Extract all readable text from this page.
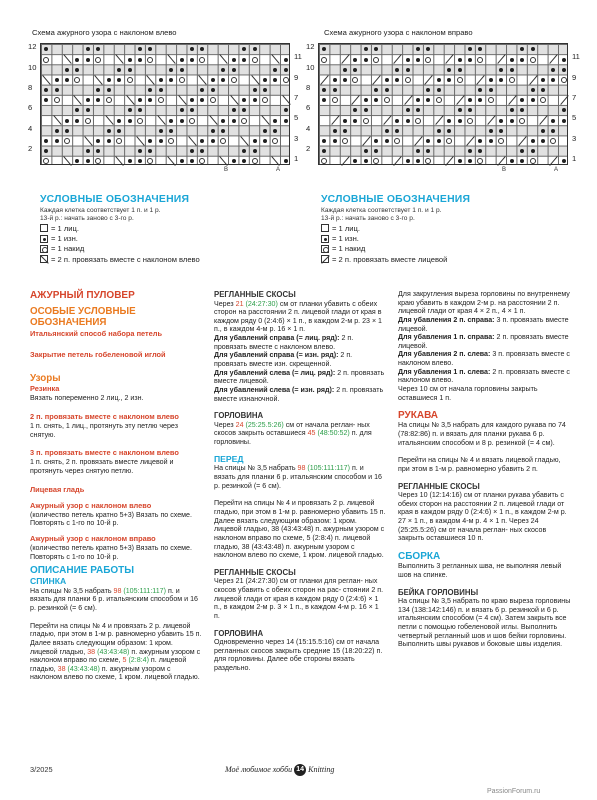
Схема ажурного узора с наклоном влево
12
10
8
6
4
2
11
9
7
5
3
1
B	A
Схема ажурного узора с наклоном вправо
12
10
8
6
4
2
11
9
7
5
3
1
B	A
УСЛОВНЫЕ ОБОЗНАЧЕНИЯ
Каждая клетка соответствует 1 п. и 1 р.
13-й р.: начать заново с 3-го р.
= 1 лиц.
= 1 изн.
= 1 накид
= 2 п. провязать вместе с наклоном влево
УСЛОВНЫЕ ОБОЗНАЧЕНИЯ
Каждая клетка соответствует 1 п. и 1 р.
13-й р.: начать заново с 3-го р.
= 1 лиц.
= 1 изн.
= 1 накид
= 2 п. провязать вместе лицевой
АЖУРНЫЙ ПУЛОВЕР
ОСОБЫЕ УСЛОВНЫЕ ОБОЗНАЧЕНИЯ
Итальянский способ набора петель
Закрытие петель гобеленовой иглой
Узоры
Резинка
Вязать попеременно 2 лиц., 2 изн.
2 п. провязать вместе с наклоном влево
1 п. снять, 1 лиц., протянуть эту петлю через снятую.
3 п. провязать вместе с наклоном влево
1 п. снять, 2 п. провязать вместе лицевой и протянуть через снятую петлю.
Лицевая гладь
Ажурный узор с наклоном влево
(количество петель кратно 5+3) Вязать по схеме. Повторять с 1-го по 10-й р.
Ажурный узор с наклоном вправо
(количество петель кратно 5+3) Вязать по схеме. Повторять с 1-го по 10-й р.
ОПИСАНИЕ РАБОТЫ
СПИНКА
На спицы № 3,5 набрать 98 (105:111:117) п. и вязать для планки 6 р. итальянским способом и 16 р. резинкой (= 6 см).
Перейти на спицы № 4 и провязать 2 р. лицевой гладью, при этом в 1-м р. равномерно убавить 15 п. Далее вязать следующим образом: 1 кром. лицевой гладью, 38 (43:43:48) п. ажурным узором с наклоном вправо по схеме, 5 (2:8:4) п. лицевой гладью, 38 (43:43:48) п. ажурным узором с наклоном влево по схеме, 1 кром. лицевой гладью.
РЕГЛАННЫЕ СКОСЫ
Через 21 (24:27:30) см от планки убавить с обеих сторон на расстоянии 2 п. лицевой глади от края в каждом ряду 0 (2:4:6) × 1 п., в каждом 2-м р. 23 × 1 п., в каждом 4-м р. 16 × 1 п.
Для убавлений справа (= лиц. ряд): 2 п. провязать вместе с наклоном влево.
Для убавлений справа (= изн. ряд): 2 п. провязать вместе изн. скрещенной.
Для убавлений слева (= лиц. ряд): 2 п. провязать вместе лицевой.
Для убавлений слева (= изн. ряд): 2 п. провязать вместе изнаночной.
ГОРЛОВИНА
Через 24 (25:25.5:26) см от начала реглан- ных скосов закрыть оставшиеся 45 (48:50:52) п. для горловины.
ПЕРЕД
На спицы № 3,5 набрать 98 (105:111:117) п. и вязать для планки 6 р. итальянским способом и 16 р. резинкой (= 6 см).
Перейти на спицы № 4 и провязать 2 р. лицевой гладью, при этом в 1-м р. равномерно убавить 15 п. Далее вязать следующим образом: 1 кром. лицевой гладью, 38 (43:43:48) п. ажурным узором с наклоном вправо по схеме, 5 (2:8:4) п. лицевой гладью, 38 (43:43:48) п. ажурным узором с наклоном влево по схеме, 1 кром. лицевой гладью.
РЕГЛАННЫЕ СКОСЫ
Через 21 (24:27:30) см от планки для реглан- ных скосов убавить с обеих сторон на рас- стоянии 2 п. лицевой глади от края в каждом ряду 0 (2:4:6) × 1 п., в каждом 2-м р. 3 × 1 п., в каждом 4-м р. 16 × 1 п.
ГОРЛОВИНА
Одновременно через 14 (15:15.5:16) см от начала регланных скосов закрыть средние 15 (18:20:22) п. для горловины. Далее обе стороны вязать раздельно.
Для закругления выреза горловины по внутреннему краю убавить в каждом 2-м р. на расстоянии 2 п. лицевой глади от края 4 × 2 п., 4 × 1 п.
Для убавления 2 п. справа: 3 п. провязать вместе лицевой.
Для убавления 1 п. справа: 2 п. провязать вместе лицевой.
Для убавления 2 п. слева: 3 п. провязать вместе с наклоном влево.
Для убавления 1 п. слева: 2 п. провязать вместе с наклоном влево.
Через 10 см от начала горловины закрыть оставшиеся 1 п.
РУКАВА
На спицы № 3,5 набрать для каждого рукава по 74 (78:82:86) п. и вязать для планки рукава 6 р. итальянским способом и 8 р. резинкой (= 4 см).
Перейти на спицы № 4 и вязать лицевой гладью, при этом в 1-м р. равномерно убавить 2 п.
РЕГЛАННЫЕ СКОСЫ
Через 10 (12:14:16) см от планки рукава убавить с обеих сторон на расстоянии 2 п. лицевой глади от края в каждом ряду 0 (2:4:6) × 1 п., в каждом 2-м р. 27 × 1 п., в каждом 4-м р. 4 × 1 п. Через 24 (25:25.5:26) см от начала реглан- ных скосов закрыть оставшиеся 10 п.
СБОРКА
Выполнить 3 регланных шва, не выполняя левый шов на спинке.
БЕЙКА ГОРЛОВИНЫ
На спицы № 3,5 набрать по краю выреза горловины 134 (138:142:146) п. и вязать 6 р. резинкой и 6 р. итальянским способом (= 4 см). Затем закрыть все петли с помощью гобеленовой иглы. Выполнить четвертый регланный шов и шов бейки горловины. Выполнить швы рукавов и боковые швы изделия.
3/2025	Моё любимое хобби 14 Knitting
PassionForum.ru
